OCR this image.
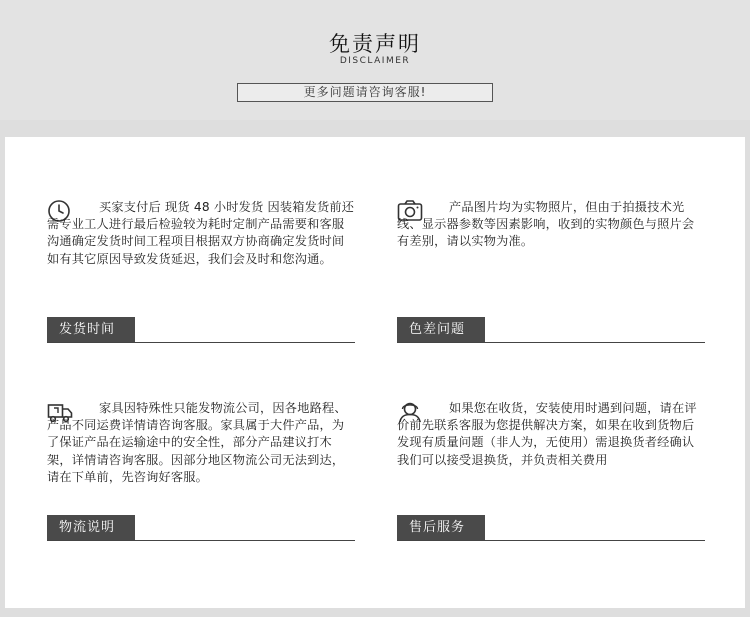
免责声明
DISCLAIMER
更多问题请咨询客服!

买家支付后 现货 48 小时发货 因装箱发货前还需专业工人进行最后检验较为耗时定制产品需要和客服沟通确定发货时间工程项目根据双方协商确定发货时间如有其它原因导致发货延迟，我们会及时和您沟通。

发货时间

产品图片均为实物照片，但由于拍摄技术光线、显示器参数等因素影响，收到的实物颜色与照片会有差别，请以实物为准。

色差问题

家具因特殊性只能发物流公司，因各地路程、产品不同运费详情请咨询客服。家具属于大件产品，为了保证产品在运输途中的安全性，部分产品建议打木架，详情请咨询客服。因部分地区物流公司无法到达，请在下单前，先咨询好客服。

物流说明

如果您在收货，安装使用时遇到问题，请在评价前先联系客服为您提供解决方案，如果在收到货物后发现有质量问题（非人为，无使用）需退换货者经确认我们可以接受退换货，并负责相关费用

售后服务
